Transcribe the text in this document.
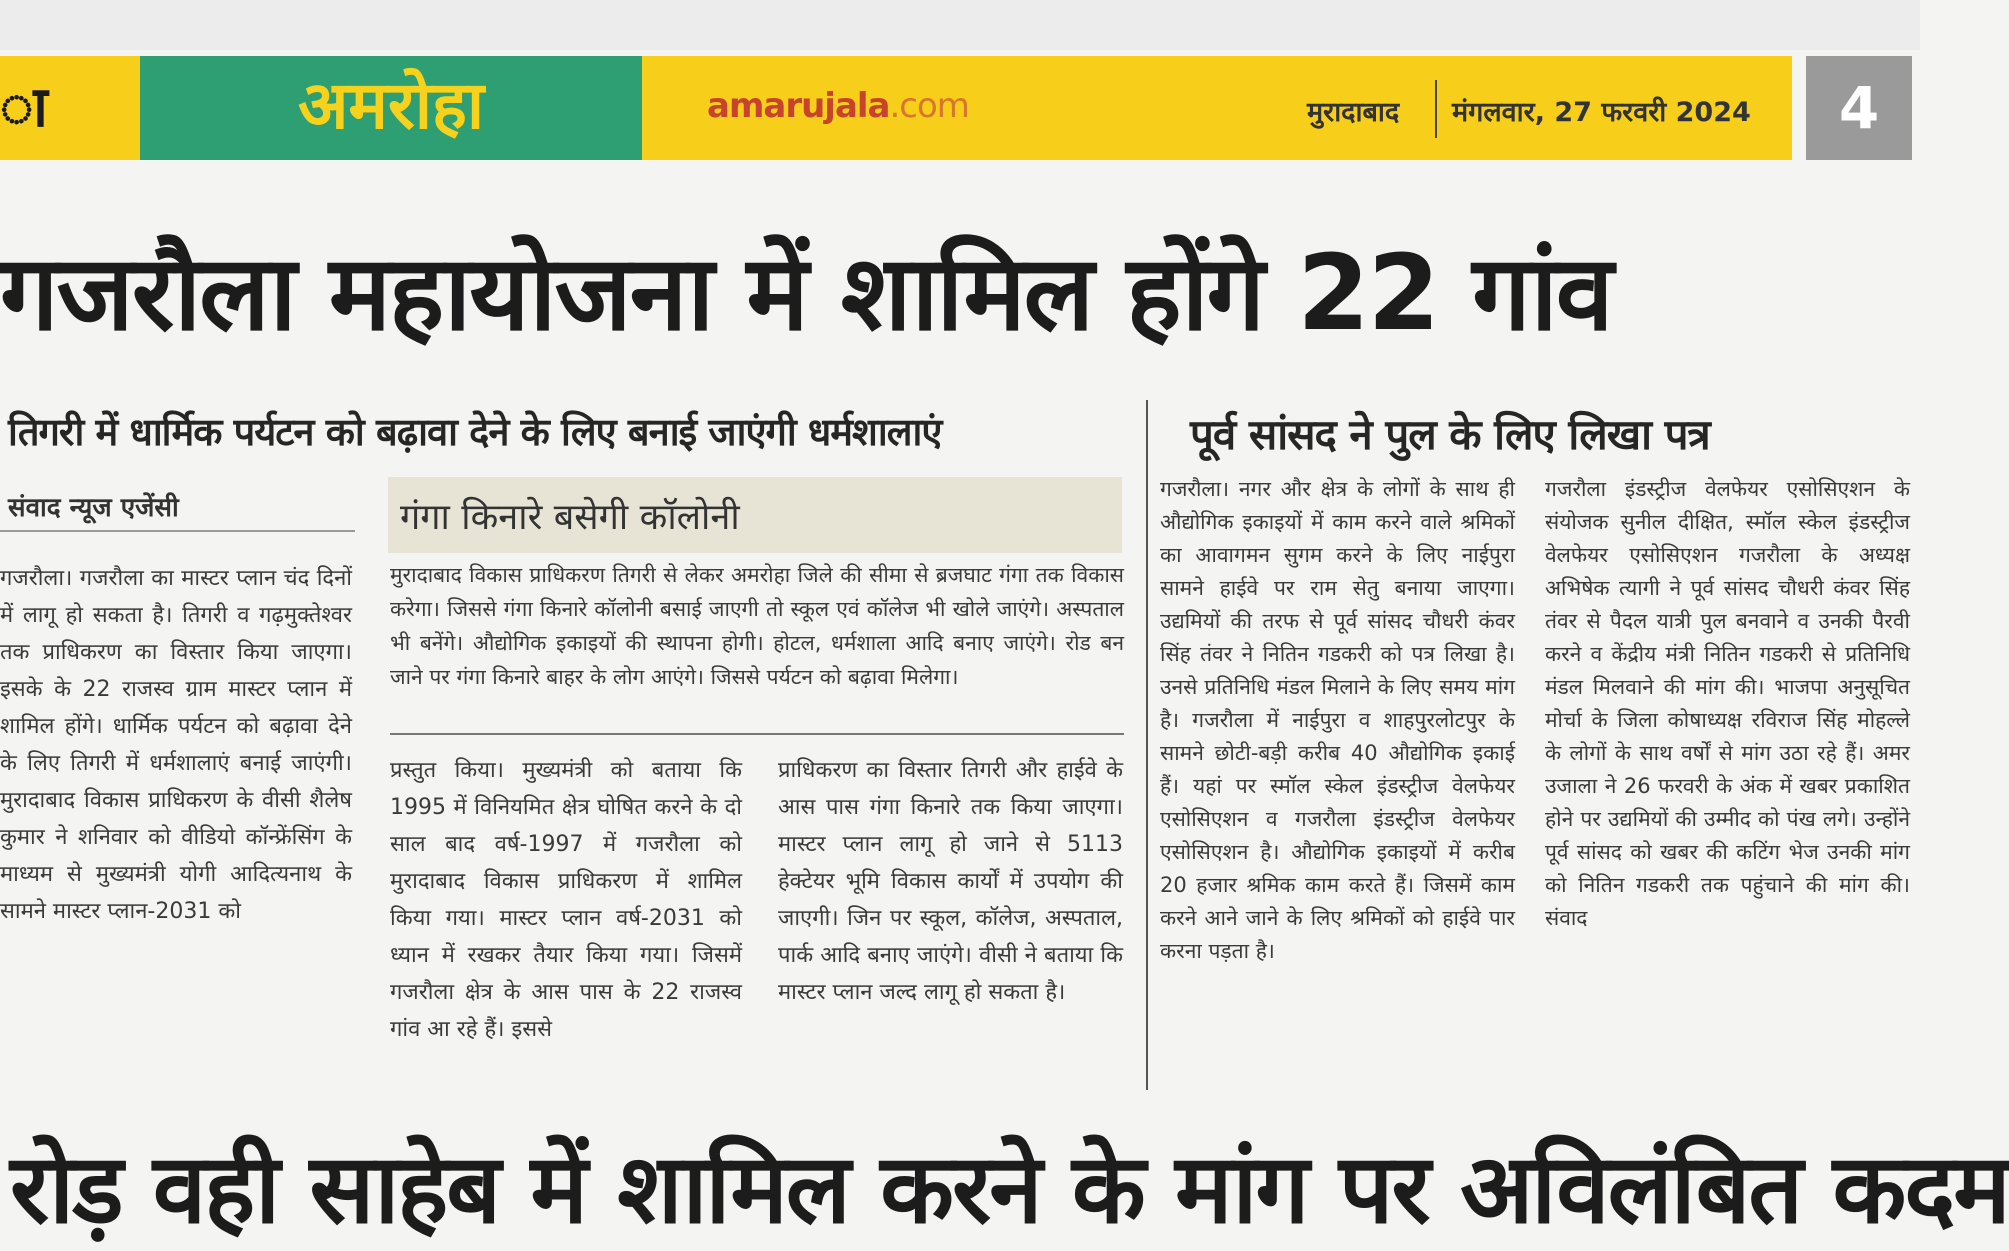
ा	अमरोहा	amarujala.com	मुरादाबाद मंगलवार, 27 फरवरी 2024	4
गजरौला महायोजना में शामिल होंगे 22 गांव
तिगरी में धार्मिक पर्यटन को बढ़ावा देने के लिए बनाई जाएंगी धर्मशालाएं	पूर्व सांसद ने पुल के लिए लिखा पत्र
संवाद न्यूज एजेंसी
गजरौला। गजरौला का मास्टर प्लान चंद दिनों में लागू हो सकता है। तिगरी व गढ़मुक्तेश्वर तक प्राधिकरण का विस्तार किया जाएगा। इसके के 22 राजस्व ग्राम मास्टर प्लान में शामिल होंगे। धार्मिक पर्यटन को बढ़ावा देने के लिए तिगरी में धर्मशालाएं बनाई जाएंगी। मुरादाबाद विकास प्राधिकरण के वीसी शैलेष कुमार ने शनिवार को वीडियो कॉन्फ्रेंसिंग के माध्यम से मुख्यमंत्री योगी आदित्यनाथ के सामने मास्टर प्लान-2031 को
गंगा किनारे बसेगी कॉलोनी
मुरादाबाद विकास प्राधिकरण तिगरी से लेकर अमरोहा जिले की सीमा से ब्रजघाट गंगा तक विकास करेगा। जिससे गंगा किनारे कॉलोनी बसाई जाएगी तो स्कूल एवं कॉलेज भी खोले जाएंगे। अस्पताल भी बनेंगे। औद्योगिक इकाइयों की स्थापना होगी। होटल, धर्मशाला आदि बनाए जाएंगे। रोड बन जाने पर गंगा किनारे बाहर के लोग आएंगे। जिससे पर्यटन को बढ़ावा मिलेगा।
प्रस्तुत किया। मुख्यमंत्री को बताया कि 1995 में विनियमित क्षेत्र घोषित करने के दो साल बाद वर्ष-1997 में गजरौला को मुरादाबाद विकास प्राधिकरण में शामिल किया गया। मास्टर प्लान वर्ष-2031 को ध्यान में रखकर तैयार किया गया। जिसमें गजरौला क्षेत्र के आस पास के 22 राजस्व गांव आ रहे हैं। इससे
प्राधिकरण का विस्तार तिगरी और हाईवे के आस पास गंगा किनारे तक किया जाएगा। मास्टर प्लान लागू हो जाने से 5113 हेक्टेयर भूमि विकास कार्यों में उपयोग की जाएगी। जिन पर स्कूल, कॉलेज, अस्पताल, पार्क आदि बनाए जाएंगे। वीसी ने बताया कि मास्टर प्लान जल्द लागू हो सकता है।
गजरौला। नगर और क्षेत्र के लोगों के साथ ही औद्योगिक इकाइयों में काम करने वाले श्रमिकों का आवागमन सुगम करने के लिए नाईपुरा सामने हाईवे पर राम सेतु बनाया जाएगा। उद्यमियों की तरफ से पूर्व सांसद चौधरी कंवर सिंह तंवर ने नितिन गडकरी को पत्र लिखा है। उनसे प्रतिनिधि मंडल मिलाने के लिए समय मांग है। गजरौला में नाईपुरा व शाहपुरलोटपुर के सामने छोटी-बड़ी करीब 40 औद्योगिक इकाई हैं। यहां पर स्मॉल स्केल इंडस्ट्रीज वेलफेयर एसोसिएशन व गजरौला इंडस्ट्रीज वेलफेयर एसोसिएशन है। औद्योगिक इकाइयों में करीब 20 हजार श्रमिक काम करते हैं। जिसमें काम करने आने जाने के लिए श्रमिकों को हाईवे पार करना पड़ता है।
गजरौला इंडस्ट्रीज वेलफेयर एसोसिएशन के संयोजक सुनील दीक्षित, स्मॉल स्केल इंडस्ट्रीज वेलफेयर एसोसिएशन गजरौला के अध्यक्ष अभिषेक त्यागी ने पूर्व सांसद चौधरी कंवर सिंह तंवर से पैदल यात्री पुल बनवाने व उनकी पैरवी करने व केंद्रीय मंत्री नितिन गडकरी से प्रतिनिधि मंडल मिलवाने की मांग की। भाजपा अनुसूचित मोर्चा के जिला कोषाध्यक्ष रविराज सिंह मोहल्ले के लोगों के साथ वर्षों से मांग उठा रहे हैं। अमर उजाला ने 26 फरवरी के अंक में खबर प्रकाशित होने पर उद्यमियों की उम्मीद को पंख लगे। उन्होंने पूर्व सांसद को खबर की कटिंग भेज उनकी मांग को नितिन गडकरी तक पहुंचाने की मांग की। संवाद
रोड़ वही साहेब में शामिल करने के मांग पर अविलंबित कदम
